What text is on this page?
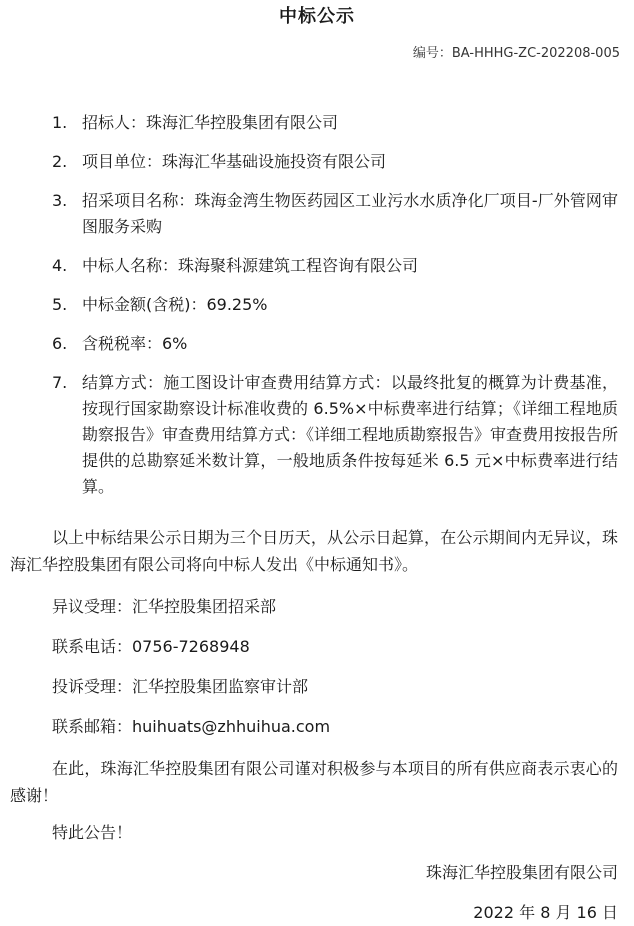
中标公示
编号：BA-HHHG-ZC-202208-005
1. 招标人：珠海汇华控股集团有限公司
2. 项目单位：珠海汇华基础设施投资有限公司
3. 招采项目名称：珠海金湾生物医药园区工业污水水质净化厂项目-厂外管网审图服务采购
4. 中标人名称：珠海聚科源建筑工程咨询有限公司
5. 中标金额(含税)：69.25%
6. 含税税率：6%
7. 结算方式：施工图设计审查费用结算方式：以最终批复的概算为计费基准，按现行国家勘察设计标准收费的 6.5%×中标费率进行结算；《详细工程地质勘察报告》审查费用结算方式：《详细工程地质勘察报告》审查费用按报告所提供的总勘察延米数计算，一般地质条件按每延米 6.5 元×中标费率进行结算。

以上中标结果公示日期为三个日历天，从公示日起算，在公示期间内无异议，珠海汇华控股集团有限公司将向中标人发出《中标通知书》。

异议受理：汇华控股集团招采部

联系电话：0756-7268948

投诉受理：汇华控股集团监察审计部

联系邮箱：huihuats@zhhuihua.com

在此，珠海汇华控股集团有限公司谨对积极参与本项目的所有供应商表示衷心的感谢！

特此公告！

珠海汇华控股集团有限公司

2022 年 8 月 16 日
